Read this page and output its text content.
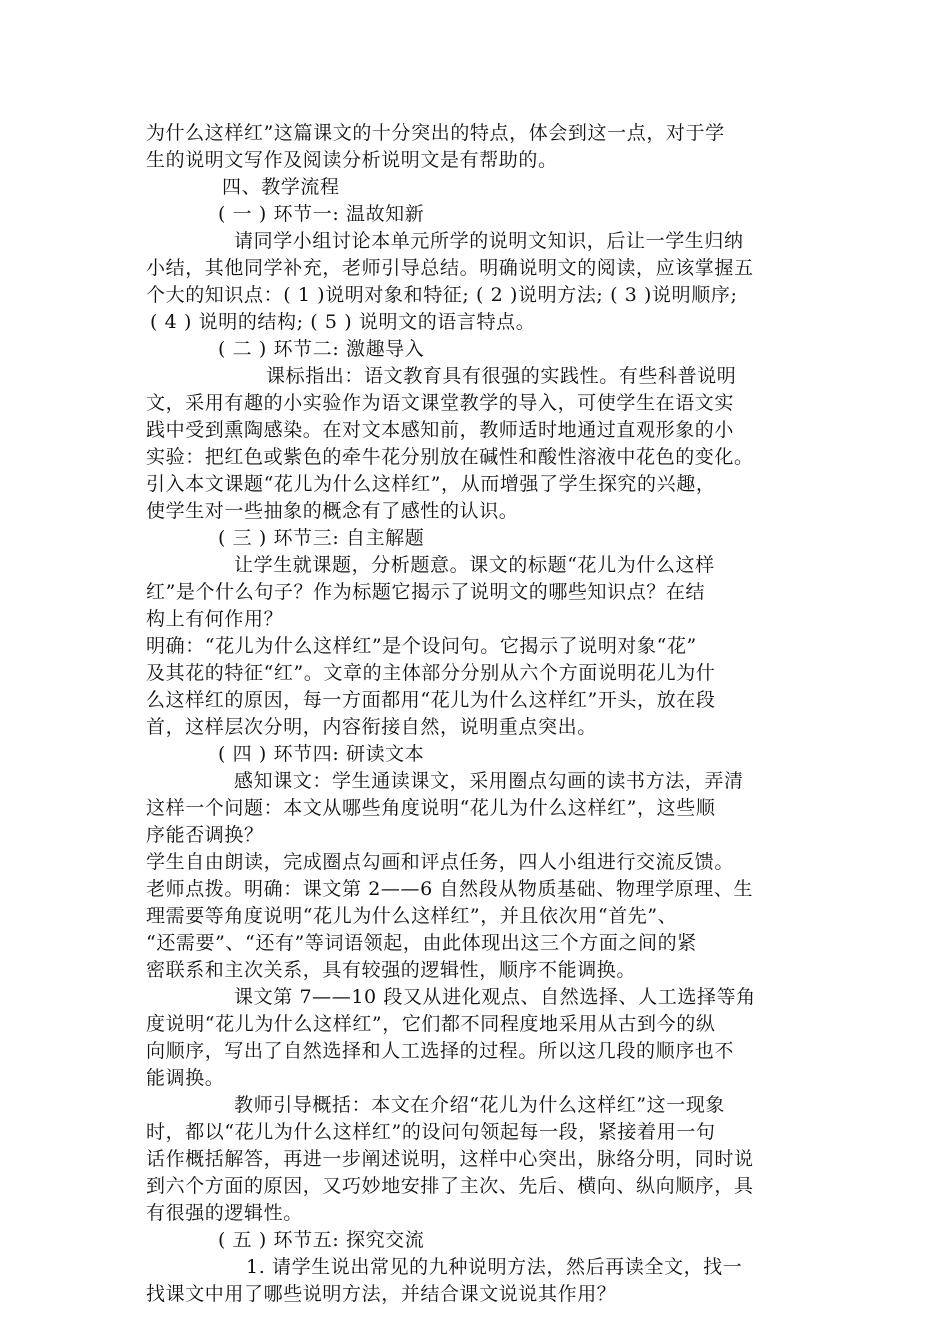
为什么这样红”这篇课文的十分突出的特点，体会到这一点，对于学
生的说明文写作及阅读分析说明文是有帮助的。
四、教学流程
( 一 ) 环节一: 温故知新
请同学小组讨论本单元所学的说明文知识，后让一学生归纳
小结，其他同学补充，老师引导总结。明确说明文的阅读，应该掌握五
个大的知识点：( 1 )说明对象和特征; ( 2 )说明方法; ( 3 )说明顺序;
( 4 ) 说明的结构; ( 5 ) 说明文的语言特点。
( 二 ) 环节二: 激趣导入
课标指出：语文教育具有很强的实践性。有些科普说明
文，采用有趣的小实验作为语文课堂教学的导入，可使学生在语文实
践中受到熏陶感染。在对文本感知前，教师适时地通过直观形象的小
实验：把红色或紫色的牵牛花分别放在碱性和酸性溶液中花色的变化。
引入本文课题“花儿为什么这样红”，从而增强了学生探究的兴趣，
使学生对一些抽象的概念有了感性的认识。
( 三 ) 环节三: 自主解题
让学生就课题，分析题意。课文的标题“花儿为什么这样
红”是个什么句子？作为标题它揭示了说明文的哪些知识点？在结
构上有何作用？
明确：“花儿为什么这样红”是个设问句。它揭示了说明对象“花”
及其花的特征“红”。文章的主体部分分别从六个方面说明花儿为什
么这样红的原因，每一方面都用“花儿为什么这样红”开头，放在段
首，这样层次分明，内容衔接自然，说明重点突出。
( 四 ) 环节四: 研读文本
感知课文：学生通读课文，采用圈点勾画的读书方法，弄清
这样一个问题：本文从哪些角度说明“花儿为什么这样红”，这些顺
序能否调换？
学生自由朗读，完成圈点勾画和评点任务，四人小组进行交流反馈。
老师点拨。明确：课文第 2——6 自然段从物质基础、物理学原理、生
理需要等角度说明“花儿为什么这样红”，并且依次用“首先”、
“还需要”、“还有”等词语领起，由此体现出这三个方面之间的紧
密联系和主次关系，具有较强的逻辑性，顺序不能调换。
课文第 7——10 段又从进化观点、自然选择、人工选择等角
度说明“花儿为什么这样红”，它们都不同程度地采用从古到今的纵
向顺序，写出了自然选择和人工选择的过程。所以这几段的顺序也不
能调换。
教师引导概括：本文在介绍“花儿为什么这样红”这一现象
时，都以“花儿为什么这样红”的设问句领起每一段，紧接着用一句
话作概括解答，再进一步阐述说明，这样中心突出，脉络分明，同时说
到六个方面的原因，又巧妙地安排了主次、先后、横向、纵向顺序，具
有很强的逻辑性。
( 五 ) 环节五: 探究交流
1. 请学生说出常见的九种说明方法，然后再读全文，找一
找课文中用了哪些说明方法，并结合课文说说其作用？
